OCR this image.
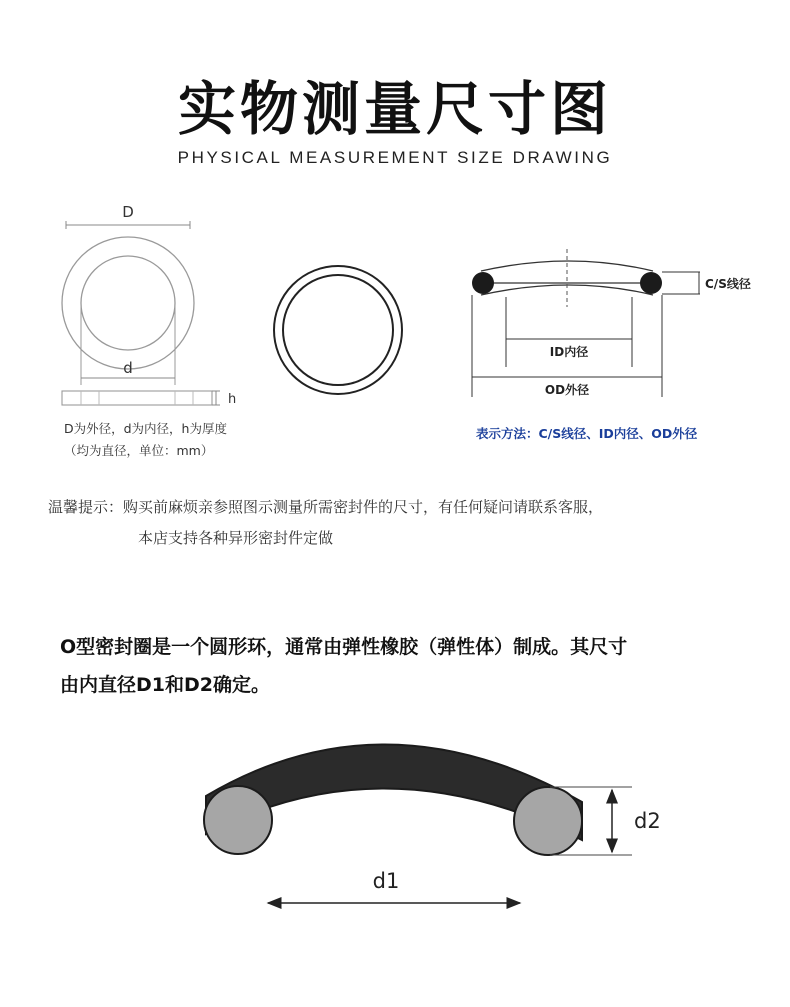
实物测量尺寸图
PHYSICAL MEASUREMENT SIZE DRAWING
D
d
h
D为外径，d为内径，h为厚度
（均为直径，单位：mm）
C/S线径
ID内径
OD外径
表示方法：C/S线径、ID内径、OD外径
温馨提示：购买前麻烦亲参照图示测量所需密封件的尺寸，有任何疑问请联系客服，
本店支持各种异形密封件定做
O型密封圈是一个圆形环，通常由弹性橡胶（弹性体）制成。其尺寸
由内直径D1和D2确定。
d2
d1
